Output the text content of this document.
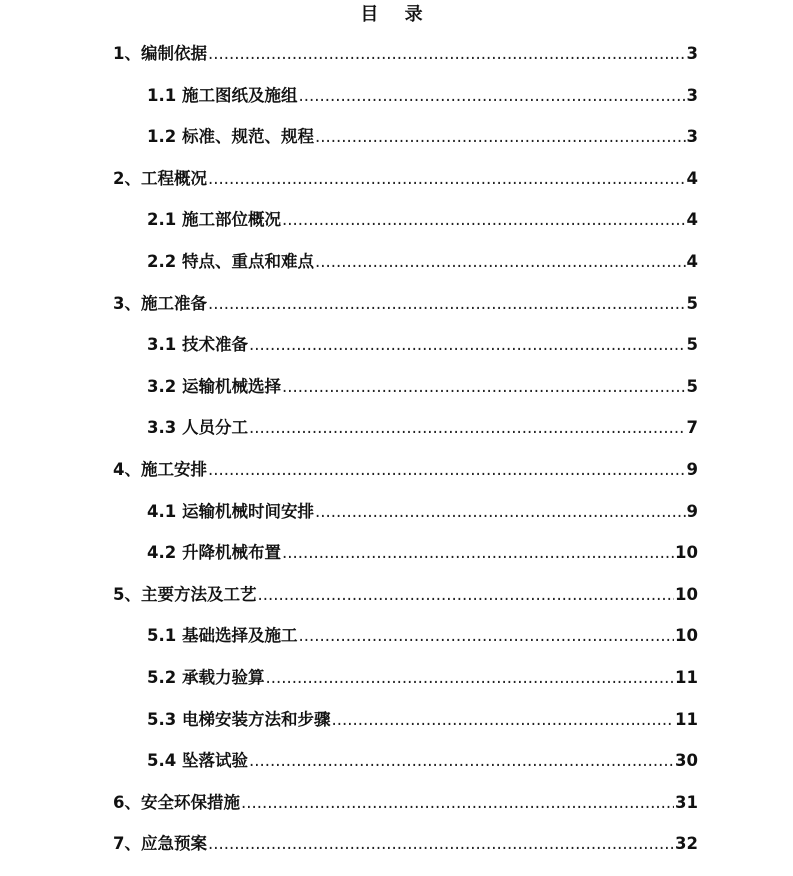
目 录
1、编制依据 .....	3
1.1 施工图纸及施组 .....	3
1.2 标准、规范、规程 .....	3
2、工程概况 .....	4
2.1 施工部位概况 .....	4
2.2 特点、重点和难点 .....	4
3、施工准备 .....	5
3.1 技术准备 .....	5
3.2 运输机械选择 .....	5
3.3 人员分工 .....	7
4、施工安排 .....	9
4.1 运输机械时间安排 .....	9
4.2 升降机械布置 .....	10
5、主要方法及工艺 .....	10
5.1 基础选择及施工 .....	10
5.2 承载力验算 .....	11
5.3 电梯安装方法和步骤 .....	11
5.4 坠落试验 .....	30
6、安全环保措施 .....	31
7、应急预案 .....	32
